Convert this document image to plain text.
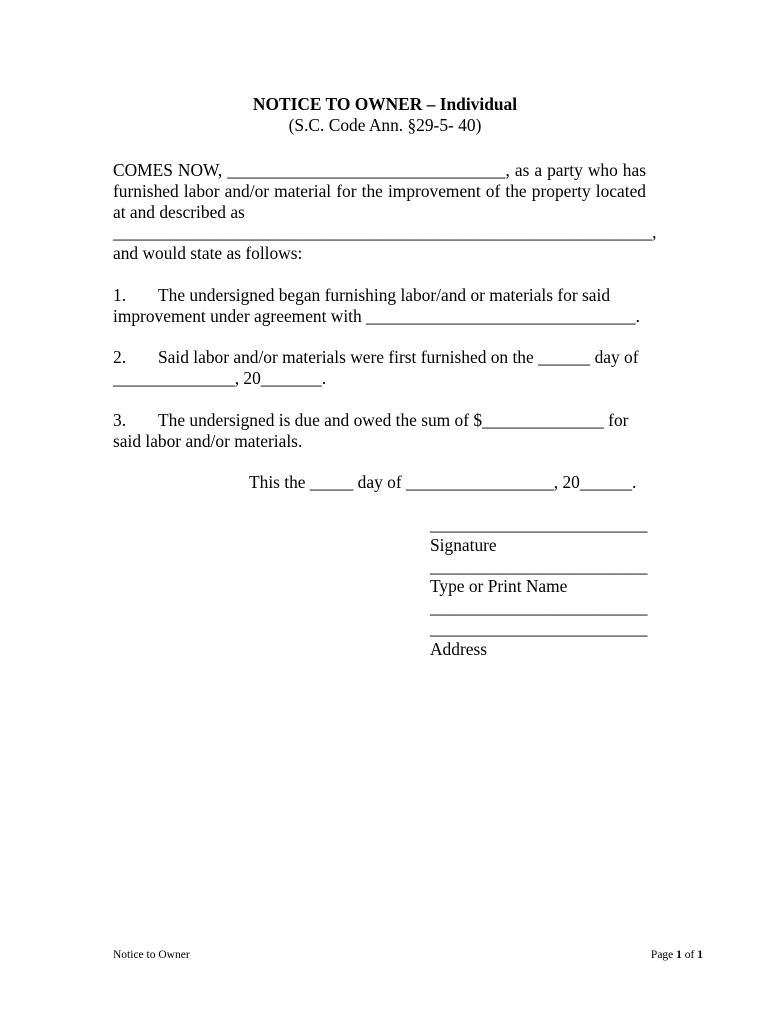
NOTICE TO OWNER – Individual
(S.C. Code Ann. §29-5- 40)
COMES NOW, ________________________________, as a party who has
furnished labor and/or material for the improvement of the property located
at and described as
______________________________________________________________,
and would state as follows:
1. The undersigned began furnishing labor/and or materials for said
improvement under agreement with _______________________________.
2. Said labor and/or materials were first furnished on the ______ day of
______________, 20_______.
3. The undersigned is due and owed the sum of $______________ for
said labor and/or materials.
This the _____ day of _________________, 20______.
_________________________
Signature
_________________________
Type or Print Name
_________________________
_________________________
Address
Notice to Owner	Page 1 of 1
